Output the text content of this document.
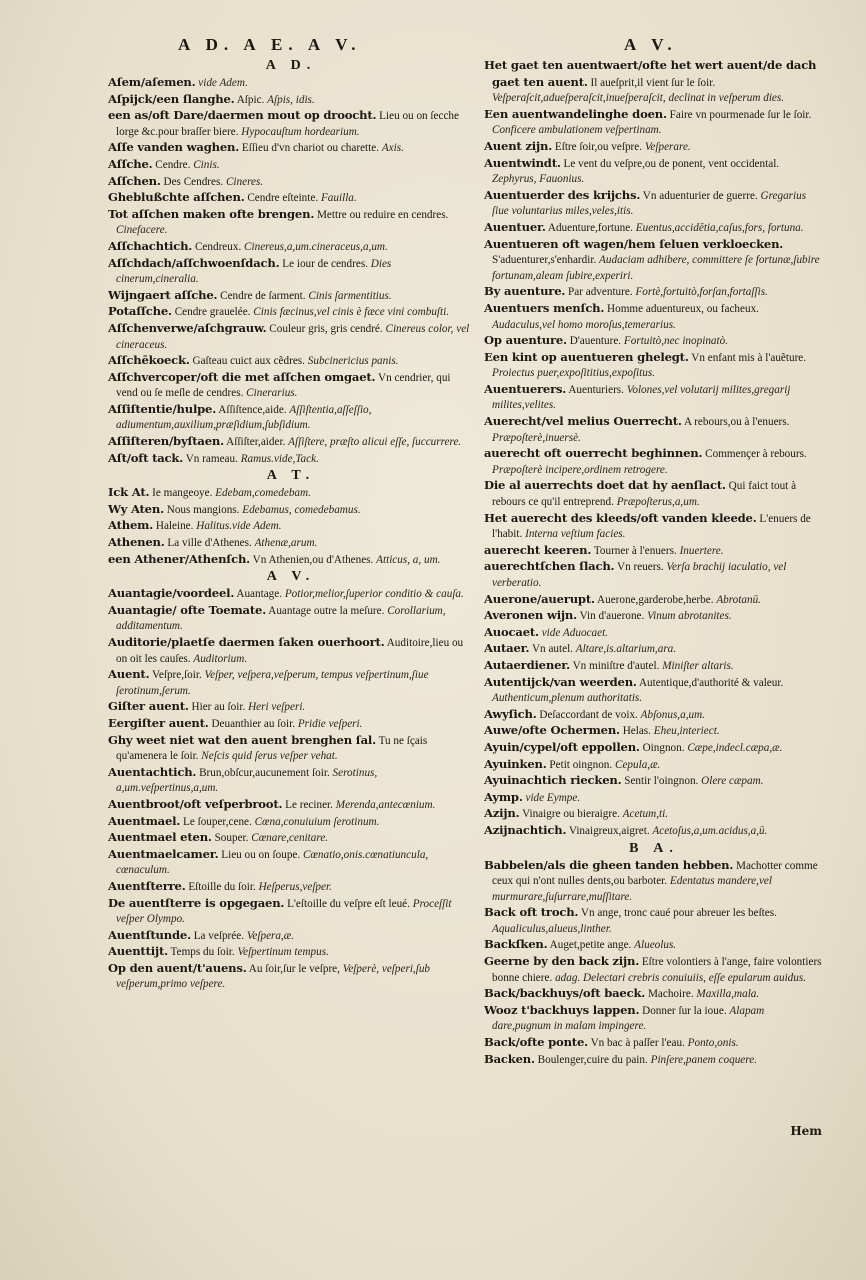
A D. A E. A V.
A D.

Aſem/aſemen. vide Adem.

Aſpijck/een ſlanghe. Aſpic. Aſpis, idis.

een as/oft Dare/daermen mout op droocht. Lieu ou on ſecche lorge &c.pour braſſer biere. Hypocauſtum hordearium.

Aſſe vanden waghen. Eſſieu d'vn chariot ou charette. Axis.

Aſſche. Cendre. Cinis.

Aſſchen. Des Cendres. Cineres.

Gheblußchte aſſchen. Cendre eſteinte. Fauilla.

Tot aſſchen maken ofte brengen. Mettre ou reduire en cendres. Cinefacere.

Aſſchachtich. Cendreux. Cinereus,a,um.cineraceus,a,um.

Aſſchdach/aſſchwoenſdach. Le iour de cendres. Dies cinerum,cineralia.

Wijngaert aſſche. Cendre de ſarment. Cinis ſarmentitius.

Potaſſche. Cendre grauelée. Cinis fæcinus,vel cinis è fæce vini combuſti.

Aſſchenverwe/aſchgrauw. Couleur gris, gris cendré. Cinereus color, vel cineraceus.

Aſſchēkoeck. Gaſteau cuict aux cẽdres. Subcinericius panis.

Aſſchvercoper/oft die met aſſchen omgaet. Vn cendrier, qui vend ou ſe meſle de cendres. Cinerarius.

Aſſiſtentie/hulpe. Aſſiſtence,aide. Aſſiſtentia,aſſeſſio, adiumentum,auxilium,præſidium,ſubſidium.

Aſſiſteren/byſtaen. Aſſiſter,aider. Aſſiſtere, præſto alicui eſſe, ſuccurrere.

Aſt/oft tack. Vn rameau. Ramus.vide,Tack.

A T.

Ick At. Ie mangeoye. Edebam,comedebam.

Wy Aten. Nous mangions. Edebamus, comedebamus.

Athem. Haleine. Halitus.vide Adem.

Athenen. La ville d'Athenes. Athenæ,arum.

een Athener/Athenſch. Vn Athenien,ou d'Athenes. Atticus, a, um.

A V.

Auantagie/voordeel. Auantage. Potior,melior,ſuperior conditio & cauſa.

Auantagie/ ofte Toemate. Auantage outre la meſure. Corollarium, additamentum.

Auditorie/plaetſe daermen ſaken ouerhoort. Auditoire,lieu ou on oit les cauſes. Auditorium.

Auent. Veſpre,ſoir. Veſper, veſpera,veſperum, tempus veſpertinum,ſiue ſerotinum,ſerum.

Giſter auent. Hier au ſoir. Heri veſperi.

Eergiſter auent. Deuanthier au ſoir. Pridie veſperi.

Ghy weet niet wat den auent brenghen ſal. Tu ne ſçais qu'amenera le ſoir. Neſcis quid ſerus veſper vehat.

Auentachtich. Brun,obſcur,aucunement ſoir. Serotinus, a,um.veſpertinus,a,um.

Auentbroot/oft veſperbroot. Le reciner. Merenda,antecœnium.

Auentmael. Le ſouper,cene. Cœna,conuiuium ſerotinum.

Auentmael eten. Souper. Cœnare,cenitare.

Auentmaelcamer. Lieu ou on ſoupe. Cœnatio,onis.cœnatiuncula, cœnaculum.

Auentſterre. Eſtoille du ſoir. Heſperus,veſper.

De auentſterre is opgegaen. L'eſtoille du veſpre eſt leué. Proceſſit veſper Olympo.

Auentſtunde. La veſprée. Veſpera,æ.

Auenttijt. Temps du ſoir. Veſpertinum tempus.

Op den auent/t'auens. Au ſoir,ſur le veſpre, Veſperè, veſperi,ſub veſperum,primo veſpere.

A V.

Het gaet ten auentwaert/ofte het wert auent/de dach gaet ten auent. Il aueſprit,il vient ſur le ſoir. Veſperaſcit,adueſperaſcit,inueſperaſcit, declinat in veſperum dies.

Een auentwandelinghe doen. Faire vn pourmenade ſur le ſoir. Conficere ambulationem veſpertinam.

Auent zijn. Eſtre ſoir,ou veſpre. Veſperare.

Auentwindt. Le vent du veſpre,ou de ponent, vent occidental. Zephyrus, Fauonius.

Auentuerder des krijchs. Vn aduenturier de guerre. Gregarius ſiue voluntarius miles,veles,itis.

Auentuer. Aduenture,fortune. Euentus,accidētia,caſus,fors, fortuna.

Auentueren oft wagen/hem ſeluen verkloecken. S'aduenturer,s'enhardir. Audaciam adhibere, committere ſe fortunæ,ſubire fortunam,aleam ſubire,experiri.

By auenture. Par adventure. Fortè,fortuitò,forſan,fortaſſis.

Auentuers menſch. Homme aduentureux, ou facheux. Audaculus,vel homo moroſus,temerarius.

Op auenture. D'auenture. Fortuitò,nec inopinatò.

Een kint op auentueren ghelegt. Vn enfant mis à l'auẽture. Proiectus puer,expoſititius,expoſitus.

Auentuerers. Auenturiers. Volones,vel volutarij milites,gregarij milites,velites.

Auerecht/vel melius Ouerrecht. A rebours,ou à l'enuers. Præpoſterè,inuersè.

auerecht oft ouerrecht beghinnen. Commençer à rebours. Præpoſterè incipere,ordinem retrogere.

Die al auerrechts doet dat hy aenſlact. Qui faict tout à rebours ce qu'il entreprend. Præpoſterus,a,um.

Het auerecht des kleeds/oft vanden kleede. L'enuers de l'habit. Interna veſtium facies.

auerecht keeren. Tourner à l'enuers. Inuertere.

auerechtſchen ſlach. Vn reuers. Verſa brachij iaculatio, vel verberatio.

Auerone/auerupt. Auerone,garderobe,herbe. Abrotanū.

Averonen wijn. Vin d'auerone. Vinum abrotanites.

Auocaet. vide Aduocaet.

Autaer. Vn autel. Altare,is.altarium,ara.

Autaerdiener. Vn miniſtre d'autel. Miniſter altaris.

Autentijck/van weerden. Autentique,d'authorité & valeur. Authenticum,plenum authoritatis.

Awyſich. Deſaccordant de voix. Abſonus,a,um.

Auwe/ofte Ochermen. Helas. Eheu,interiect.

Ayuin/cypel/oft eppollen. Oingnon. Cæpe,indecl.cæpa,æ.

Ayuinken. Petit oingnon. Cepula,æ.

Ayuinachtich riecken. Sentir l'oingnon. Olere cæpam.

Aymp. vide Eympe.

Azijn. Vinaigre ou bieraigre. Acetum,ti.

Azijnachtich. Vinaigreux,aigret. Acetoſus,a,um.acidus,a,ū.

B A.

Babbelen/als die gheen tanden hebben. Machotter comme ceux qui n'ont nulles dents,ou barboter. Edentatus mandere,vel murmurare,ſuſurrare,muſſitare.

Back oft troch. Vn ange, tronc caué pour abreuer les beſtes. Aqualiculus,alueus,linther.

Backſken. Auget,petite ange. Alueolus.

Geerne by den back zijn. Eſtre volontiers à l'ange, faire volontiers bonne chiere. adag. Delectari crebris conuiuiis, eſſe epularum auidus.

Back/backhuys/oft baeck. Machoire. Maxilla,mala.

Wooz t'backhuys lappen. Donner ſur la ioue. Alapam dare,pugnum in malam impingere.

Back/ofte ponte. Vn bac à paſſer l'eau. Ponto,onis.

Backen. Boulenger,cuire du pain. Pinſere,panem coquere.

Hem
